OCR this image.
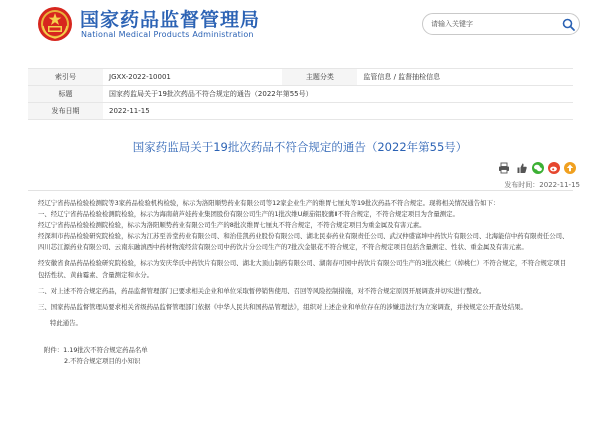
国家药品监督管理局
National Medical Products Administration
请输入关键字
索引号	JGXX-2022-10001	主题分类	监管信息 / 监督抽检信息
标题	国家药监局关于19批次药品不符合规定的通告（2022年第55号）		
发布日期	2022-11-15		
国家药监局关于19批次药品不符合规定的通告（2022年第55号）
发布时间：2022-11-15

经辽宁省药品检验检测院等3家药品检验机构检验，标示为洛阳顺势药业有限公司等12家企业生产的维胃七厘丸等19批次药品不符合规定。现将相关情况通告如下：

一、经辽宁省药品检验检测院检验，标示为海南葫芦娃药业集团股份有限公司生产的1批次维U颠茄铝胶囊Ⅱ不符合规定，不符合规定项目为含量测定。

经辽宁省药品检验检测院检验，标示为洛阳顺势药业有限公司生产的8批次维胃七厘丸不符合规定，不符合规定项目为重金属及有害元素。

经深圳市药品检验研究院检验，标示为江苏至善堂药业有限公司、和治佳凯药业股份有限公司、湖北民泰药业有限责任公司、武汉仲盛富坤中药饮片有限公司、北海能信中药有限责任公司、四川芯江源药业有限公司、云南东融滇西中药材物流经营有限公司中药饮片分公司生产的7批次金银花不符合规定，不符合规定项目包括含量测定、性状、重金属及有害元素。

经安徽省食品药品检验研究院检验，标示为安庆华氏中药饮片有限公司、湖北大顶山制药有限公司、湖南春可园中药饮片有限公司生产的3批次桃仁（焯桃仁）不符合规定，不符合规定项目包括性状、黄曲霉素、含量测定和水分。

二、对上述不符合规定药品，药品监督管理部门已要求相关企业和单位采取暂停销售使用、召回等风险控制措施，对不符合规定原因开展调查并切实进行整改。

三、国家药品监督管理局要求相关省级药品监督管理部门依据《中华人民共和国药品管理法》，组织对上述企业和单位存在的涉嫌违法行为立案调查，并按规定公开查处结果。

特此通告。

附件：1.19批次不符合规定药品名单

2.不符合规定项目的小知识
